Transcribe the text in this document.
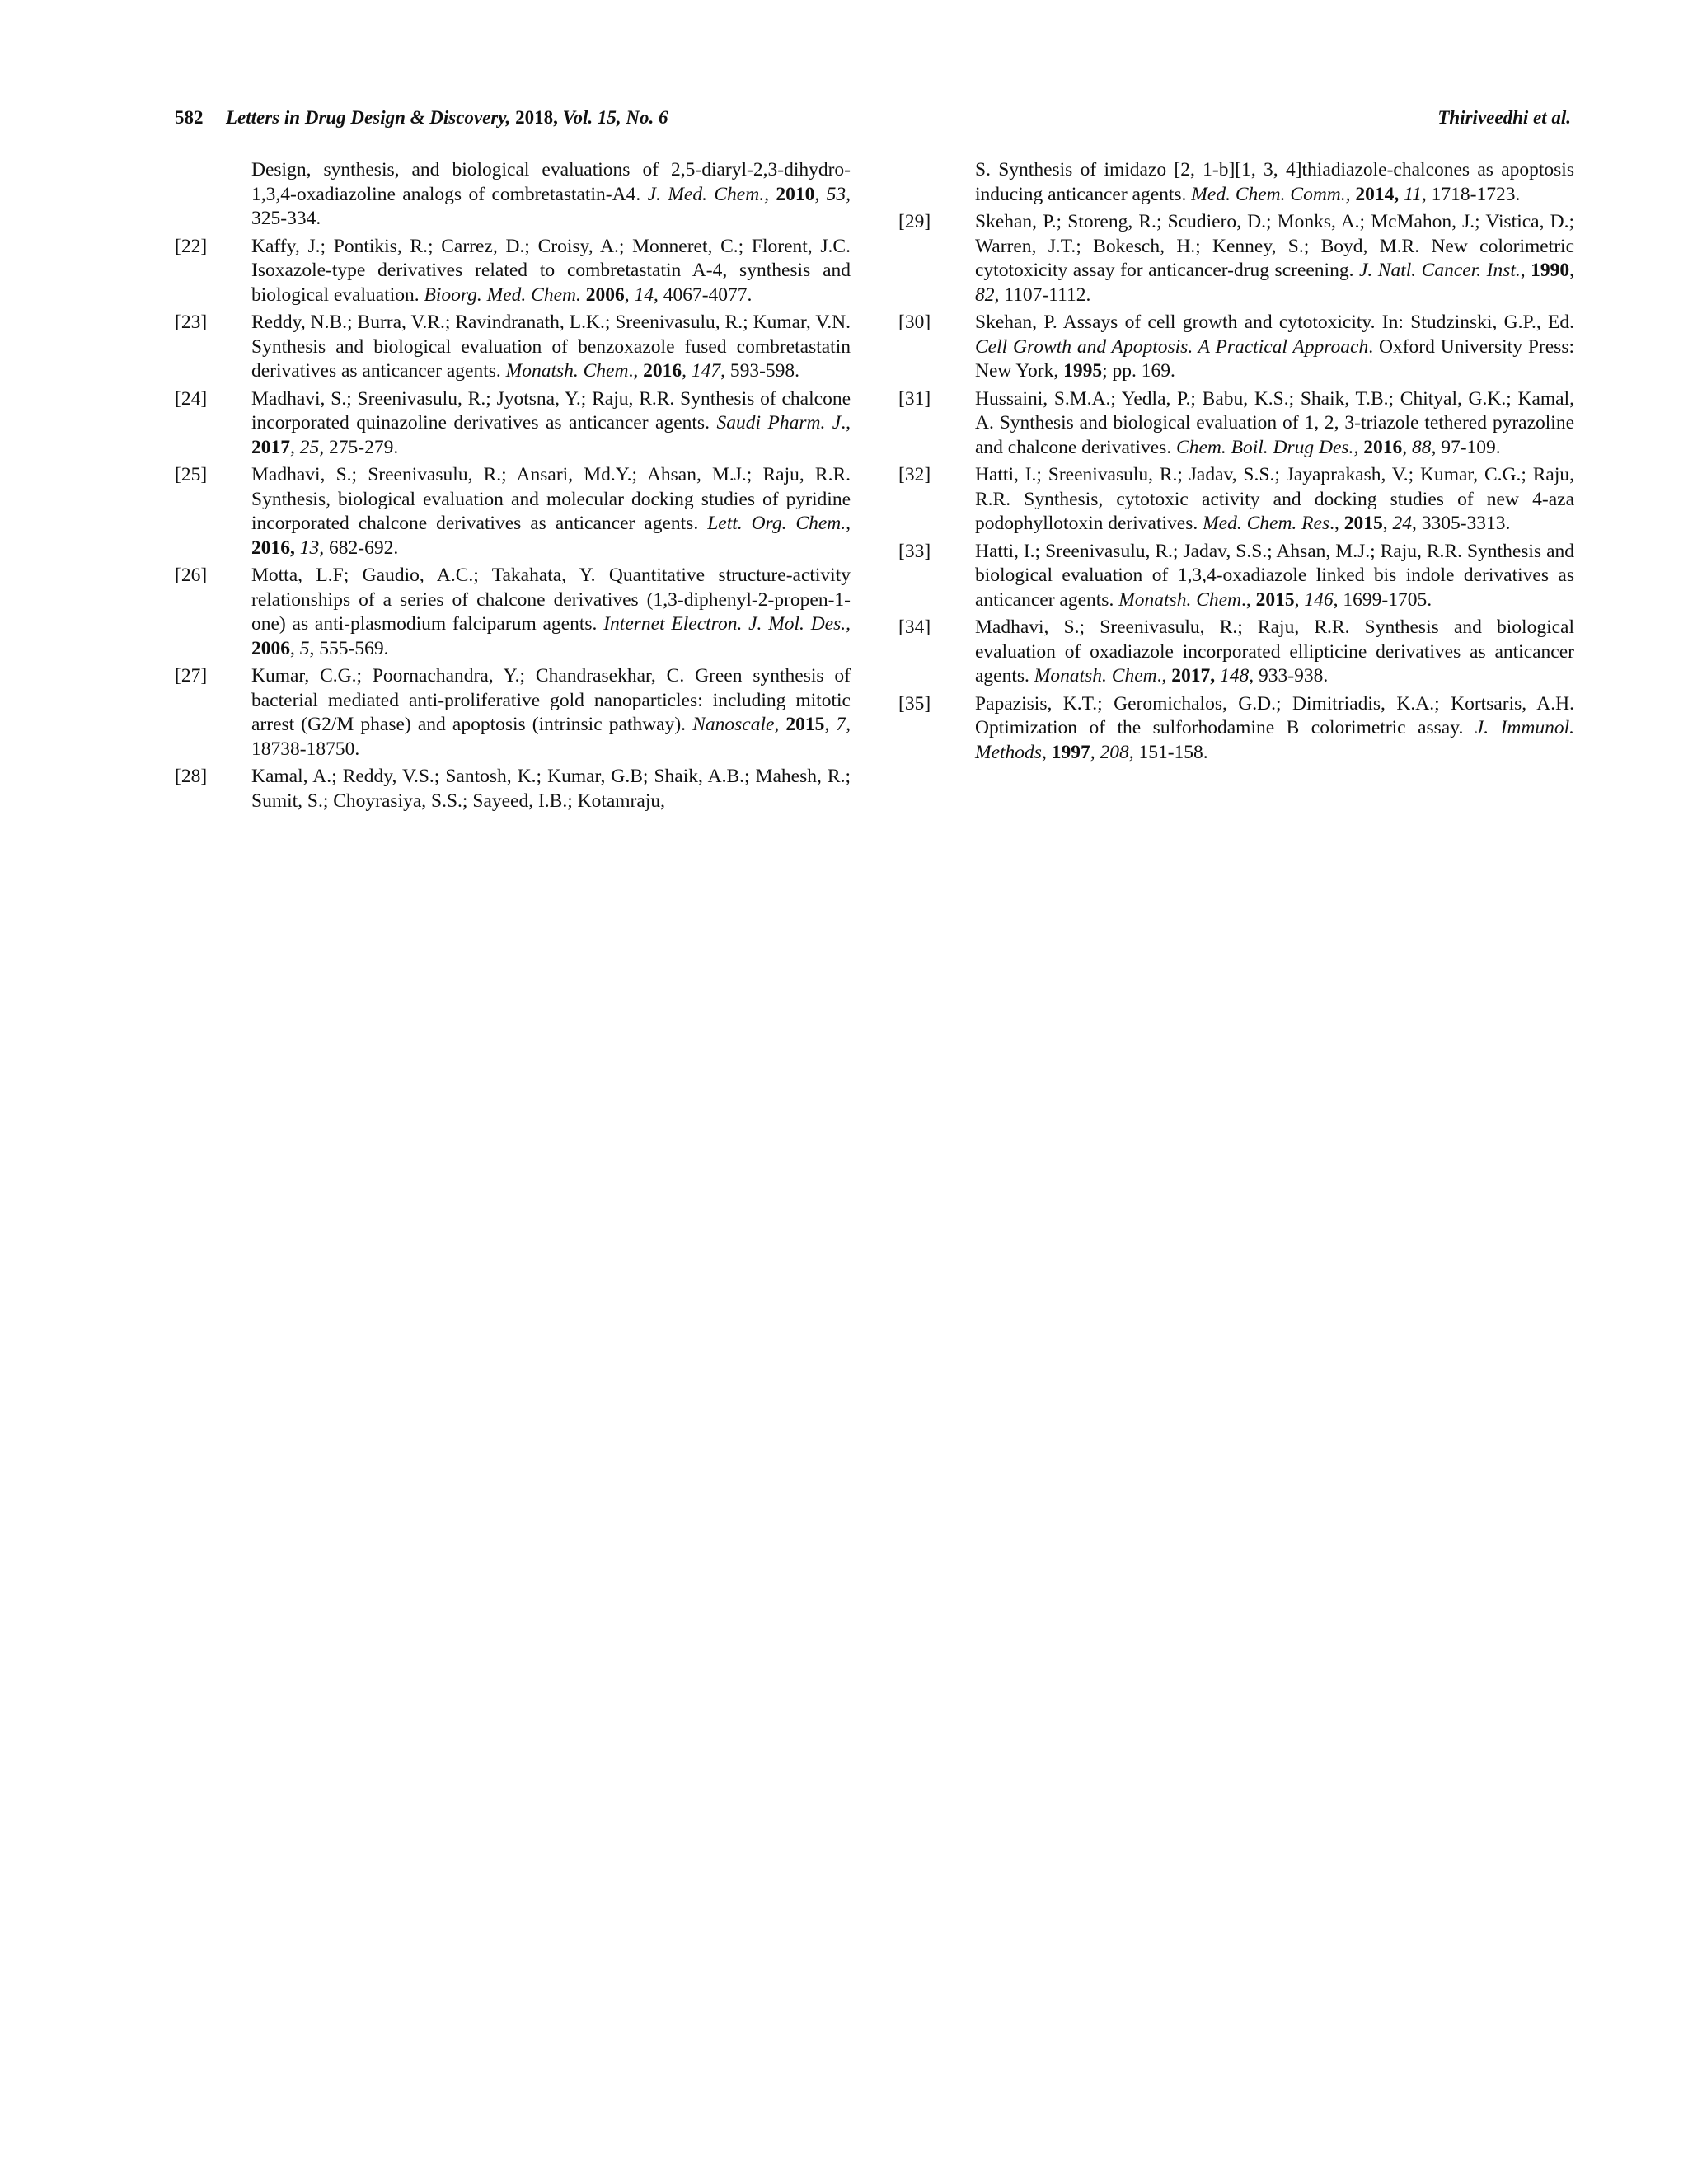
582 Letters in Drug Design & Discovery, 2018, Vol. 15, No. 6	Thiriveedhi et al.
Design, synthesis, and biological evaluations of 2,5-diaryl-2,3-dihydro-1,3,4-oxadiazoline analogs of combretastatin-A4. J. Med. Chem., 2010, 53, 325-334.
[22] Kaffy, J.; Pontikis, R.; Carrez, D.; Croisy, A.; Monneret, C.; Florent, J.C. Isoxazole-type derivatives related to combretastatin A-4, synthesis and biological evaluation. Bioorg. Med. Chem. 2006, 14, 4067-4077.
[23] Reddy, N.B.; Burra, V.R.; Ravindranath, L.K.; Sreenivasulu, R.; Kumar, V.N. Synthesis and biological evaluation of benzoxazole fused combretastatin derivatives as anticancer agents. Monatsh. Chem., 2016, 147, 593-598.
[24] Madhavi, S.; Sreenivasulu, R.; Jyotsna, Y.; Raju, R.R. Synthesis of chalcone incorporated quinazoline derivatives as anticancer agents. Saudi Pharm. J., 2017, 25, 275-279.
[25] Madhavi, S.; Sreenivasulu, R.; Ansari, Md.Y.; Ahsan, M.J.; Raju, R.R. Synthesis, biological evaluation and molecular docking studies of pyridine incorporated chalcone derivatives as anticancer agents. Lett. Org. Chem., 2016, 13, 682-692.
[26] Motta, L.F; Gaudio, A.C.; Takahata, Y. Quantitative structure-activity relationships of a series of chalcone derivatives (1,3-diphenyl-2-propen-1-one) as anti-plasmodium falciparum agents. Internet Electron. J. Mol. Des., 2006, 5, 555-569.
[27] Kumar, C.G.; Poornachandra, Y.; Chandrasekhar, C. Green synthesis of bacterial mediated anti-proliferative gold nanoparticles: including mitotic arrest (G2/M phase) and apoptosis (intrinsic pathway). Nanoscale, 2015, 7, 18738-18750.
[28] Kamal, A.; Reddy, V.S.; Santosh, K.; Kumar, G.B; Shaik, A.B.; Mahesh, R.; Sumit, S.; Choyrasiya, S.S.; Sayeed, I.B.; Kotamraju,
S. Synthesis of imidazo [2, 1-b][1, 3, 4]thiadiazole-chalcones as apoptosis inducing anticancer agents. Med. Chem. Comm., 2014, 11, 1718-1723.
[29] Skehan, P.; Storeng, R.; Scudiero, D.; Monks, A.; McMahon, J.; Vistica, D.; Warren, J.T.; Bokesch, H.; Kenney, S.; Boyd, M.R. New colorimetric cytotoxicity assay for anticancer-drug screening. J. Natl. Cancer. Inst., 1990, 82, 1107-1112.
[30] Skehan, P. Assays of cell growth and cytotoxicity. In: Studzinski, G.P., Ed. Cell Growth and Apoptosis. A Practical Approach. Oxford University Press: New York, 1995; pp. 169.
[31] Hussaini, S.M.A.; Yedla, P.; Babu, K.S.; Shaik, T.B.; Chityal, G.K.; Kamal, A. Synthesis and biological evaluation of 1, 2, 3-triazole tethered pyrazoline and chalcone derivatives. Chem. Boil. Drug Des., 2016, 88, 97-109.
[32] Hatti, I.; Sreenivasulu, R.; Jadav, S.S.; Jayaprakash, V.; Kumar, C.G.; Raju, R.R. Synthesis, cytotoxic activity and docking studies of new 4-aza podophyllotoxin derivatives. Med. Chem. Res., 2015, 24, 3305-3313.
[33] Hatti, I.; Sreenivasulu, R.; Jadav, S.S.; Ahsan, M.J.; Raju, R.R. Synthesis and biological evaluation of 1,3,4-oxadiazole linked bis indole derivatives as anticancer agents. Monatsh. Chem., 2015, 146, 1699-1705.
[34] Madhavi, S.; Sreenivasulu, R.; Raju, R.R. Synthesis and biological evaluation of oxadiazole incorporated ellipticine derivatives as anticancer agents. Monatsh. Chem., 2017, 148, 933-938.
[35] Papazisis, K.T.; Geromichalos, G.D.; Dimitriadis, K.A.; Kortsaris, A.H. Optimization of the sulforhodamine B colorimetric assay. J. Immunol. Methods, 1997, 208, 151-158.
